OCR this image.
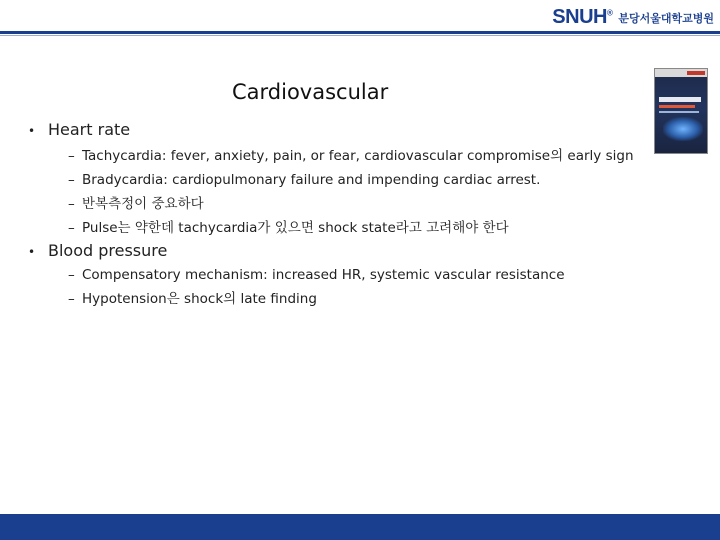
SNUH® 분당서울대학교병원
Cardiovascular

• Heart rate

– Tachycardia: fever, anxiety, pain, or fear, cardiovascular compromise의 early sign

– Bradycardia: cardiopulmonary failure and impending cardiac arrest.

– 반복측정이 중요하다

– Pulse는 약한데 tachycardia가 있으면 shock state라고 고려해야 한다

• Blood pressure

– Compensatory mechanism: increased HR, systemic vascular resistance

– Hypotension은 shock의 late finding
